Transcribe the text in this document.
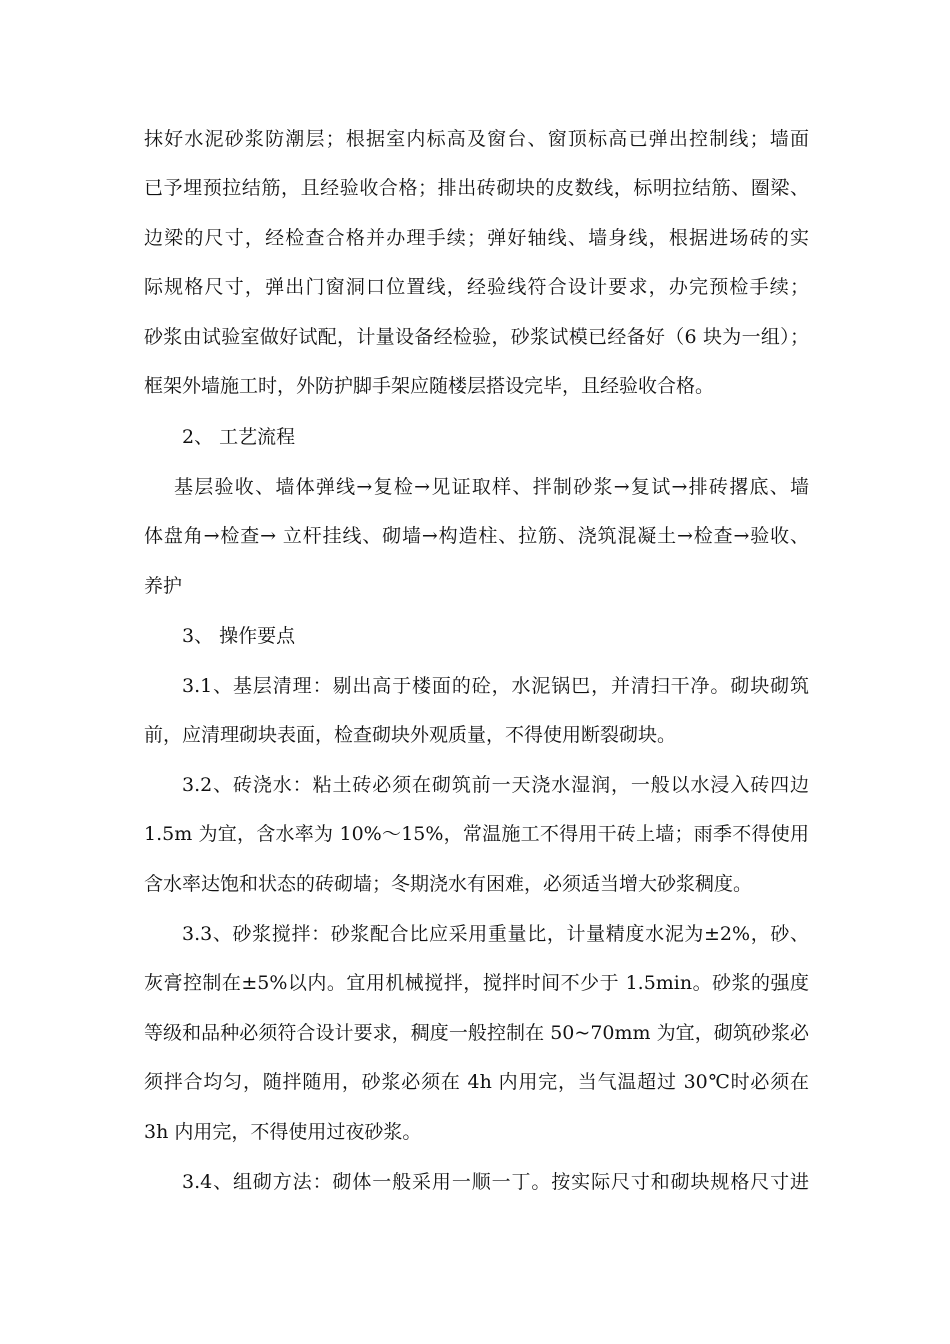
抹好水泥砂浆防潮层；根据室内标高及窗台、窗顶标高已弹出控制线；墙面
已予埋预拉结筋，且经验收合格；排出砖砌块的皮数线，标明拉结筋、圈梁、
边梁的尺寸，经检查合格并办理手续；弹好轴线、墙身线，根据进场砖的实
际规格尺寸，弹出门窗洞口位置线，经验线符合设计要求，办完预检手续；
砂浆由试验室做好试配，计量设备经检验，砂浆试模已经备好（6 块为一组）；
框架外墙施工时，外防护脚手架应随楼层搭设完毕，且经验收合格。
2、 工艺流程
基层验收、墙体弹线→复检→见证取样、拌制砂浆→复试→排砖撂底、墙
体盘角→检查→ 立杆挂线、砌墙→构造柱、拉筋、浇筑混凝土→检查→验收、
养护
3、 操作要点
3.1、基层清理：剔出高于楼面的砼，水泥锅巴，并清扫干净。砌块砌筑
前，应清理砌块表面，检查砌块外观质量，不得使用断裂砌块。
3.2、砖浇水：粘土砖必须在砌筑前一天浇水湿润，一般以水浸入砖四边
1.5m 为宜，含水率为 10%～15%，常温施工不得用干砖上墙；雨季不得使用
含水率达饱和状态的砖砌墙；冬期浇水有困难，必须适当增大砂浆稠度。
3.3、砂浆搅拌：砂浆配合比应采用重量比，计量精度水泥为±2%，砂、
灰膏控制在±5%以内。宜用机械搅拌，搅拌时间不少于 1.5min。砂浆的强度
等级和品种必须符合设计要求，稠度一般控制在 50~70mm 为宜，砌筑砂浆必
须拌合均匀，随拌随用，砂浆必须在 4h 内用完，当气温超过 30℃时必须在
3h 内用完，不得使用过夜砂浆。
3.4、组砌方法：砌体一般采用一顺一丁。按实际尺寸和砌块规格尺寸进
